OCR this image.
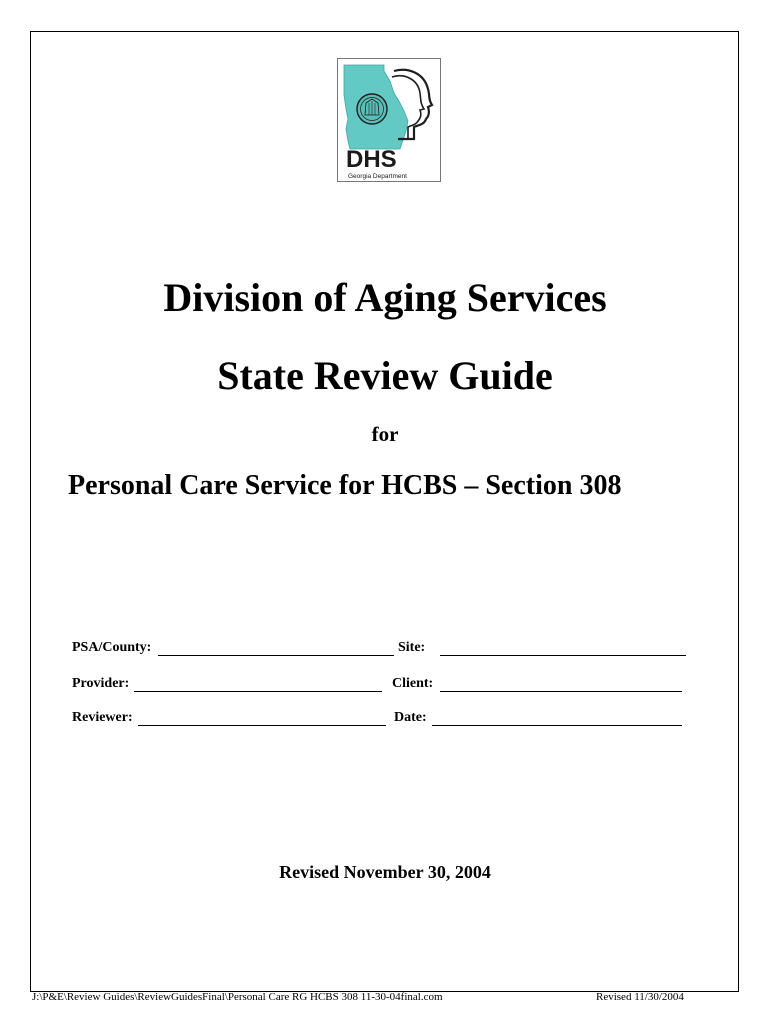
DHS
Georgia Department
Division of Aging Services
State Review Guide
for
Personal Care Service for HCBS – Section 308
PSA/County:	Site:
Provider:	Client:
Reviewer:	Date:
Revised November 30, 2004
J:\P&E\Review Guides\ReviewGuidesFinal\Personal Care RG HCBS 308 11-30-04final.com	Revised 11/30/2004
